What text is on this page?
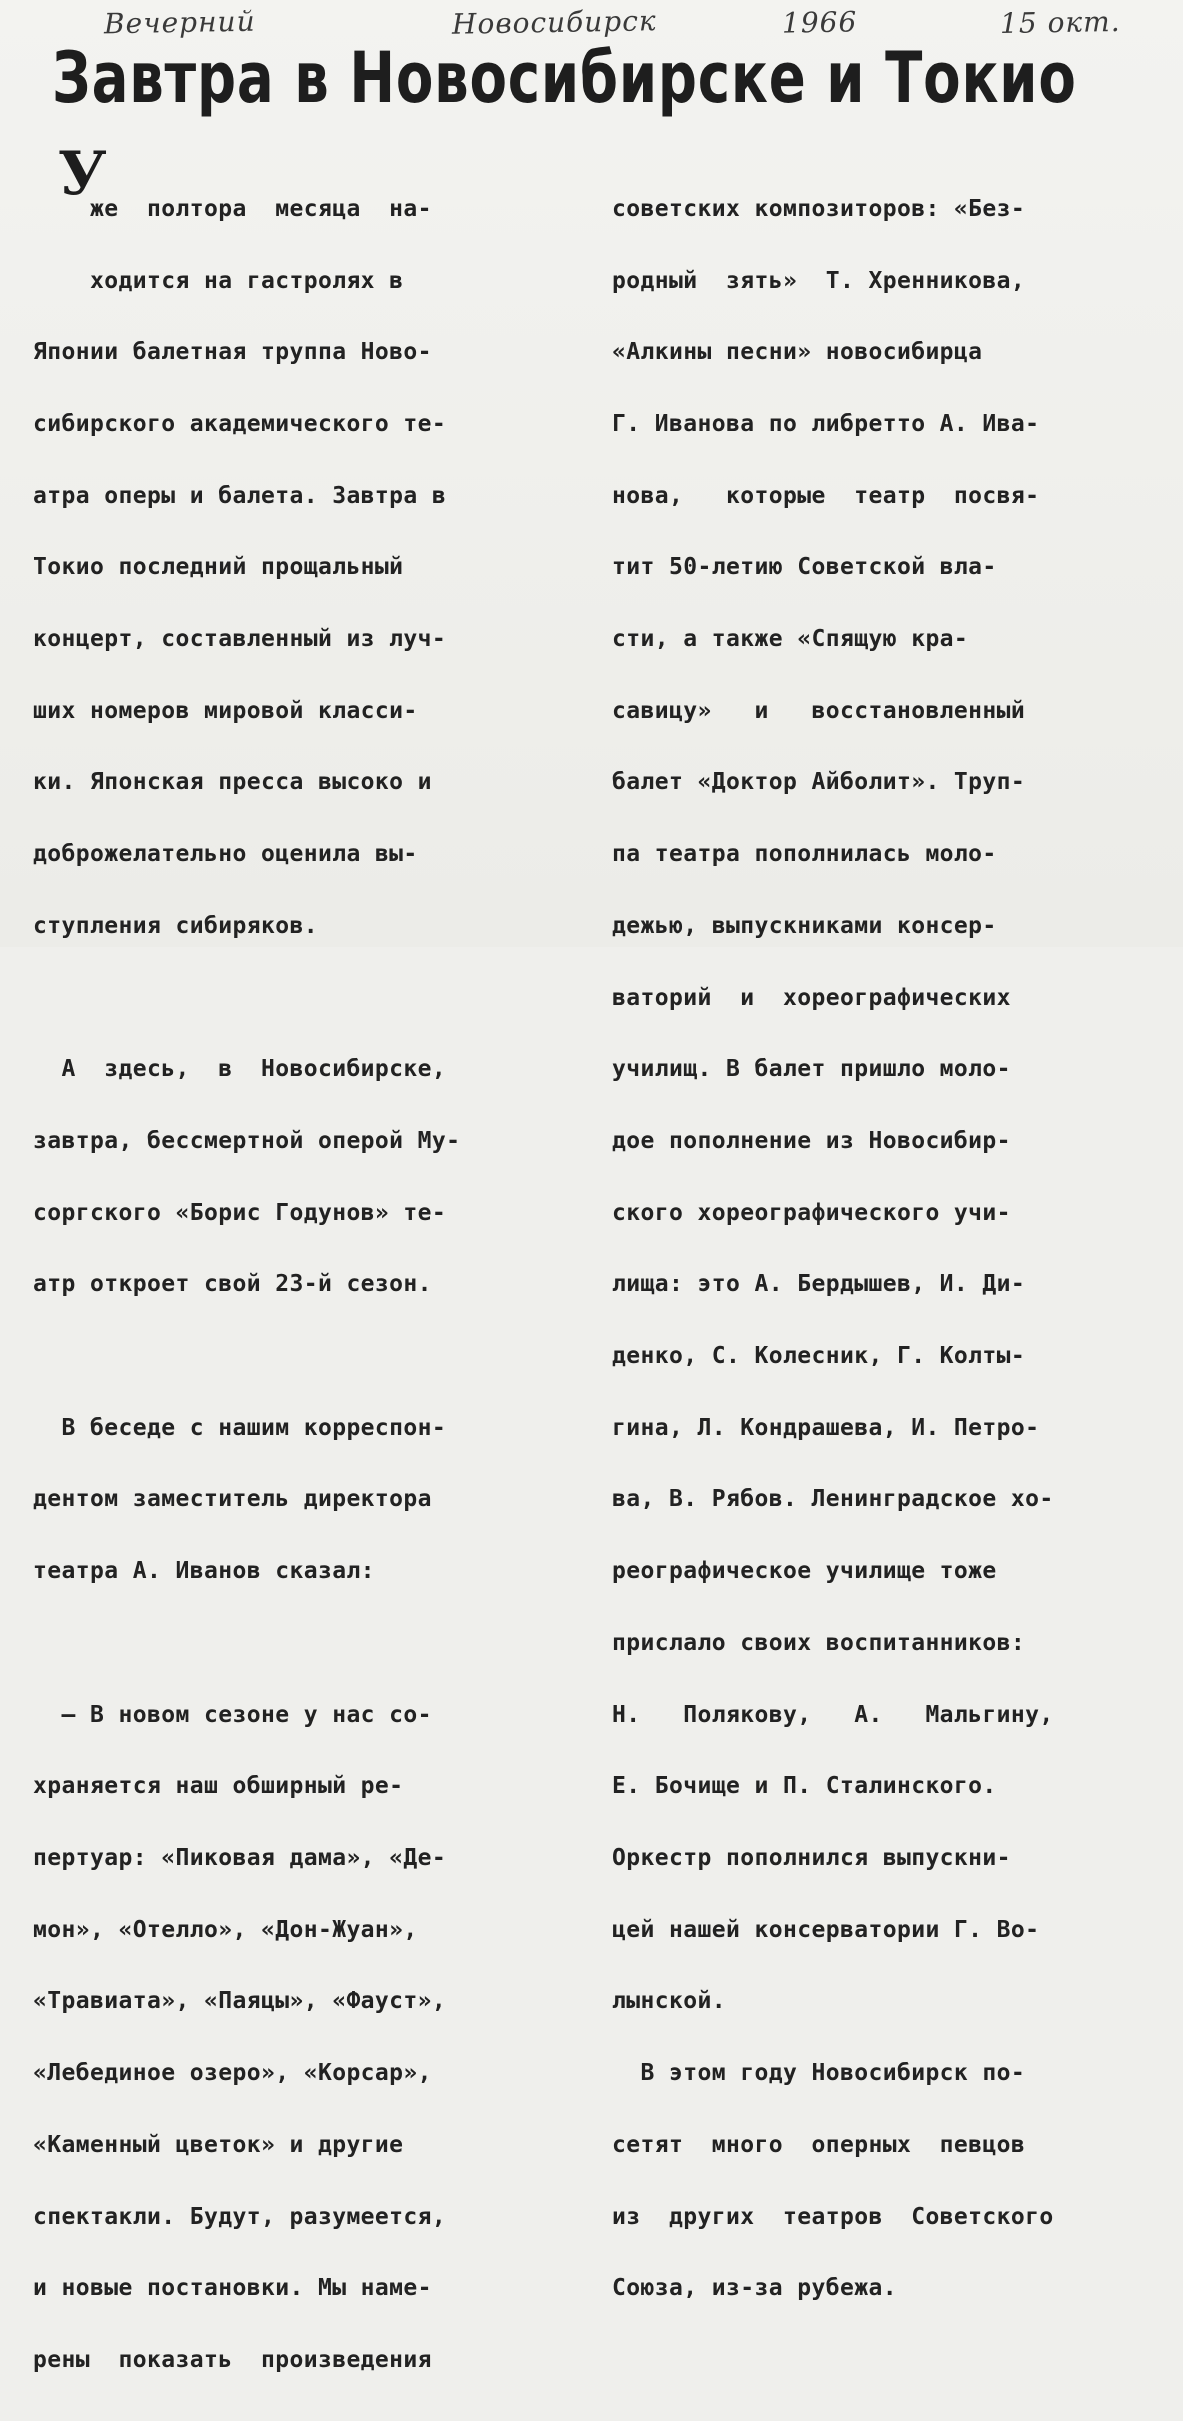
Вечерний	Новосибирск	1966	15 окт.
Завтра в Новосибирске и Токио
У

же  полтора  месяца  на-

ходится на гастролях в

Японии балетная труппа Ново-

сибирского академического те-

атра оперы и балета. Завтра в

Токио последний прощальный

концерт, составленный из луч-

ших номеров мировой класси-

ки. Японская пресса высоко и

доброжелательно оценила вы-

ступления сибиряков.

А  здесь,  в  Новосибирске,

завтра, бессмертной оперой Му-

соргского «Борис Годунов» те-

атр откроет свой 23-й сезон.

В беседе с нашим корреспон-

дентом заместитель директора

театра А. Иванов сказал:

— В новом сезоне у нас со-

храняется наш обширный ре-

пертуар: «Пиковая дама», «Де-

мон», «Отелло», «Дон-Жуан»,

«Травиата», «Паяцы», «Фауст»,

«Лебединое озеро», «Корсар»,

«Каменный цветок» и другие

спектакли. Будут, разумеется,

и новые постановки. Мы наме-

рены  показать  произведения

советских композиторов: «Без-

родный  зять»  Т. Хренникова,

«Алкины песни» новосибирца

Г. Иванова по либретто А. Ива-

нова,   которые  театр  посвя-

тит 50-летию Советской вла-

сти, а также «Спящую кра-

савицу»   и   восстановленный

балет «Доктор Айболит». Труп-

па театра пополнилась моло-

дежью, выпускниками консер-

ваторий  и  хореографических

училищ. В балет пришло моло-

дое пополнение из Новосибир-

ского хореографического учи-

лища: это А. Бердышев, И. Ди-

денко, С. Колесник, Г. Колты-

гина, Л. Кондрашева, И. Петро-

ва, В. Рябов. Ленинградское хо-

реографическое училище тоже

прислало своих воспитанников:

Н.   Полякову,   А.   Мальгину,

Е. Бочище и П. Сталинского.

Оркестр пополнился выпускни-

цей нашей консерватории Г. Во-

лынской.

В этом году Новосибирск по-

сетят  много  оперных  певцов

из  других  театров  Советского

Союза, из-за рубежа.
